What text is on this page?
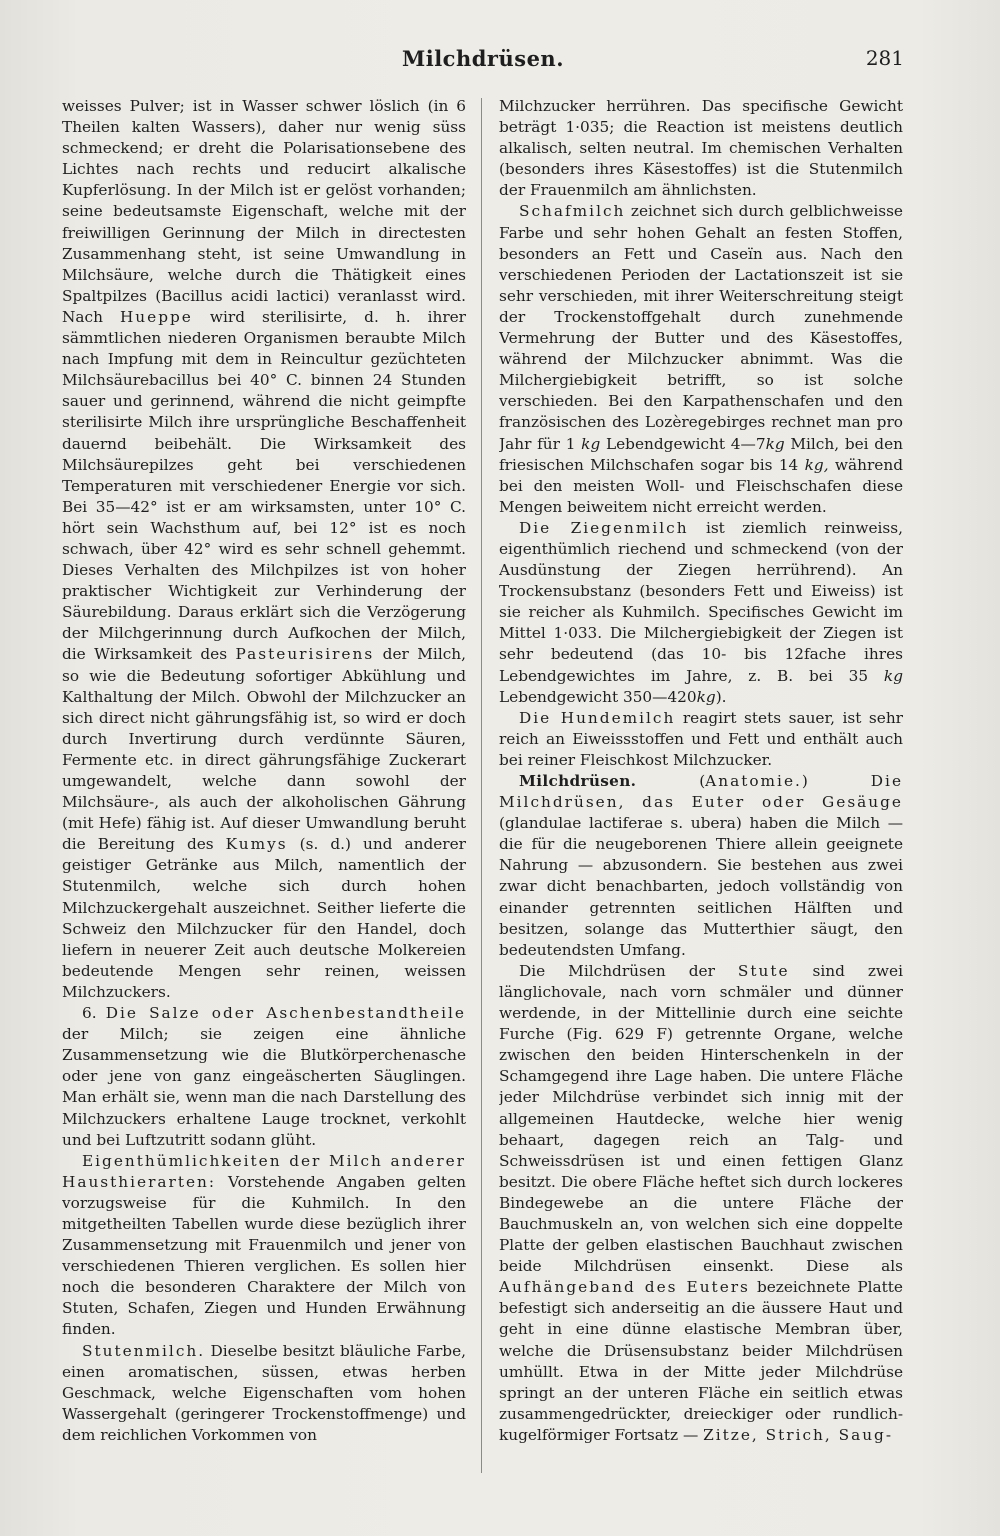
Milchdrüsen.	281

weisses Pulver; ist in Wasser schwer löslich (in 6 Theilen kalten Wassers), daher nur wenig süss schmeckend; er dreht die Polarisationsebene des Lichtes nach rechts und reducirt alkalische Kupferlösung. In der Milch ist er gelöst vorhanden; seine bedeutsamste Eigenschaft, welche mit der freiwilligen Gerinnung der Milch in directesten Zusammenhang steht, ist seine Umwandlung in Milchsäure, welche durch die Thätigkeit eines Spaltpilzes (Bacillus acidi lactici) veranlasst wird. Nach Hueppe wird sterilisirte, d. h. ihrer sämmtlichen niederen Organismen beraubte Milch nach Impfung mit dem in Reincultur gezüchteten Milchsäurebacillus bei 40° C. binnen 24 Stunden sauer und gerinnend, während die nicht geimpfte sterilisirte Milch ihre ursprüngliche Beschaffenheit dauernd beibehält. Die Wirksamkeit des Milchsäurepilzes geht bei verschiedenen Temperaturen mit verschiedener Energie vor sich. Bei 35—42° ist er am wirksamsten, unter 10° C. hört sein Wachsthum auf, bei 12° ist es noch schwach, über 42° wird es sehr schnell gehemmt. Dieses Verhalten des Milchpilzes ist von hoher praktischer Wichtigkeit zur Verhinderung der Säurebildung. Daraus erklärt sich die Verzögerung der Milchgerinnung durch Aufkochen der Milch, die Wirksamkeit des Pasteurisirens der Milch, so wie die Bedeutung sofortiger Abkühlung und Kalthaltung der Milch. Obwohl der Milchzucker an sich direct nicht gährungsfähig ist, so wird er doch durch Invertirung durch verdünnte Säuren, Fermente etc. in direct gährungsfähige Zuckerart umgewandelt, welche dann sowohl der Milchsäure-, als auch der alkoholischen Gährung (mit Hefe) fähig ist. Auf dieser Umwandlung beruht die Bereitung des Kumys (s. d.) und anderer geistiger Getränke aus Milch, namentlich der Stutenmilch, welche sich durch hohen Milchzuckergehalt auszeichnet. Seither lieferte die Schweiz den Milchzucker für den Handel, doch liefern in neuerer Zeit auch deutsche Molkereien bedeutende Mengen sehr reinen, weissen Milchzuckers.

6. Die Salze oder Aschenbestandtheile der Milch; sie zeigen eine ähnliche Zusammensetzung wie die Blutkörperchenasche oder jene von ganz eingeäscherten Säuglingen. Man erhält sie, wenn man die nach Darstellung des Milchzuckers erhaltene Lauge trocknet, verkohlt und bei Luftzutritt sodann glüht.

Eigenthümlichkeiten der Milch anderer Hausthierarten: Vorstehende Angaben gelten vorzugsweise für die Kuhmilch. In den mitgetheilten Tabellen wurde diese bezüglich ihrer Zusammensetzung mit Frauenmilch und jener von verschiedenen Thieren verglichen. Es sollen hier noch die besonderen Charaktere der Milch von Stuten, Schafen, Ziegen und Hunden Erwähnung finden.

Stutenmilch. Dieselbe besitzt bläuliche Farbe, einen aromatischen, süssen, etwas herben Geschmack, welche Eigenschaften vom hohen Wassergehalt (geringerer Trockenstoffmenge) und dem reichlichen Vorkommen von

Milchzucker herrühren. Das specifische Gewicht beträgt 1·035; die Reaction ist meistens deutlich alkalisch, selten neutral. Im chemischen Verhalten (besonders ihres Käsestoffes) ist die Stutenmilch der Frauenmilch am ähnlichsten.

Schafmilch zeichnet sich durch gelblichweisse Farbe und sehr hohen Gehalt an festen Stoffen, besonders an Fett und Caseïn aus. Nach den verschiedenen Perioden der Lactationszeit ist sie sehr verschieden, mit ihrer Weiterschreitung steigt der Trockenstoffgehalt durch zunehmende Vermehrung der Butter und des Käsestoffes, während der Milchzucker abnimmt. Was die Milchergiebigkeit betrifft, so ist solche verschieden. Bei den Karpathenschafen und den französischen des Lozèregebirges rechnet man pro Jahr für 1 kg Lebendgewicht 4—7kg Milch, bei den friesischen Milchschafen sogar bis 14 kg, während bei den meisten Woll- und Fleischschafen diese Mengen beiweitem nicht erreicht werden.

Die Ziegenmilch ist ziemlich reinweiss, eigenthümlich riechend und schmeckend (von der Ausdünstung der Ziegen herrührend). An Trockensubstanz (besonders Fett und Eiweiss) ist sie reicher als Kuhmilch. Specifisches Gewicht im Mittel 1·033. Die Milchergiebigkeit der Ziegen ist sehr bedeutend (das 10- bis 12fache ihres Lebendgewichtes im Jahre, z. B. bei 35 kg Lebendgewicht 350—420kg).

Die Hundemilch reagirt stets sauer, ist sehr reich an Eiweissstoffen und Fett und enthält auch bei reiner Fleischkost Milchzucker.

Milchdrüsen.	(Anatomie.)	Die Milchdrüsen, das Euter oder Gesäuge (glandulae lactiferae s. ubera) haben die Milch — die für die neugeborenen Thiere allein geeignete Nahrung — abzusondern. Sie bestehen aus zwei zwar dicht benachbarten, jedoch vollständig von einander getrennten seitlichen Hälften und besitzen, solange das Mutterthier säugt, den bedeutendsten Umfang.

Die Milchdrüsen der Stute sind zwei länglichovale, nach vorn schmäler und dünner werdende, in der Mittellinie durch eine seichte Furche (Fig. 629 F) getrennte Organe, welche zwischen den beiden Hinterschenkeln in der Schamgegend ihre Lage haben. Die untere Fläche jeder Milchdrüse verbindet sich innig mit der allgemeinen Hautdecke, welche hier wenig behaart, dagegen reich an Talg- und Schweissdrüsen ist und einen fettigen Glanz besitzt. Die obere Fläche heftet sich durch lockeres Bindegewebe an die untere Fläche der Bauchmuskeln an, von welchen sich eine doppelte Platte der gelben elastischen Bauchhaut zwischen beide Milchdrüsen einsenkt. Diese als Aufhängeband des Euters bezeichnete Platte befestigt sich anderseitig an die äussere Haut und geht in eine dünne elastische Membran über, welche die Drüsensubstanz beider Milchdrüsen umhüllt. Etwa in der Mitte jeder Milchdrüse springt an der unteren Fläche ein seitlich etwas zusammengedrückter, dreieckiger oder rundlich-kugelförmiger Fortsatz — Zitze, Strich, Saug-
